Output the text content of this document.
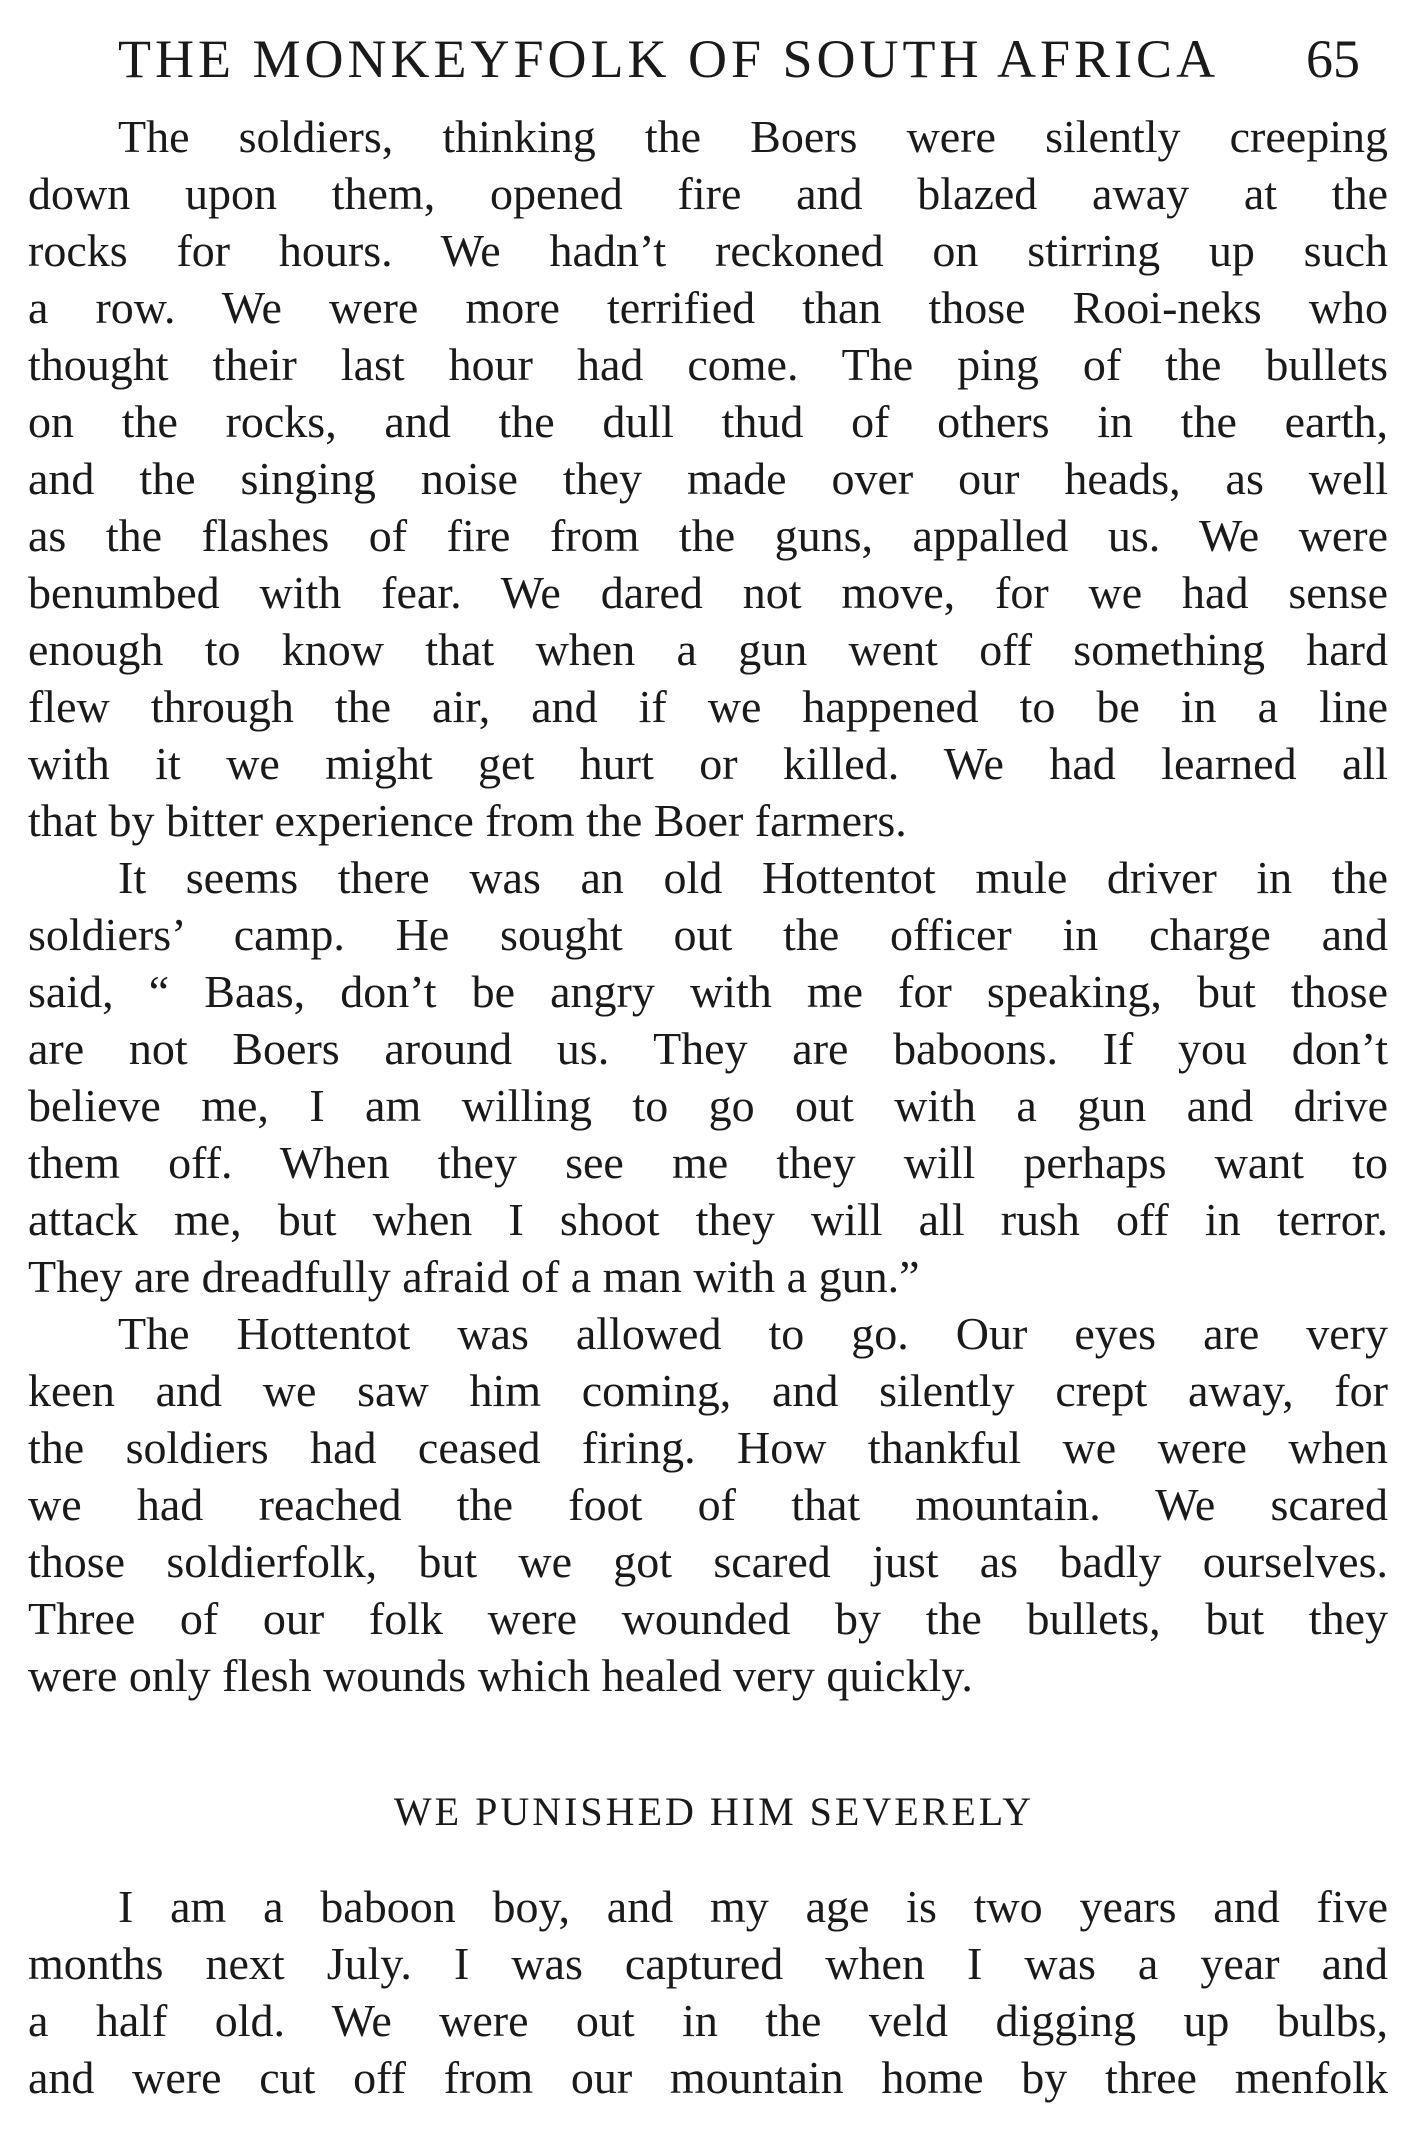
THE MONKEYFOLK OF SOUTH AFRICA 65
The soldiers, thinking the Boers were silently creeping
down upon them, opened fire and blazed away at the
rocks for hours. We hadn’t reckoned on stirring up such
a row. We were more terrified than those Rooi-neks who
thought their last hour had come. The ping of the bullets
on the rocks, and the dull thud of others in the earth,
and the singing noise they made over our heads, as well
as the flashes of fire from the guns, appalled us. We were
benumbed with fear. We dared not move, for we had sense
enough to know that when a gun went off something hard
flew through the air, and if we happened to be in a line
with it we might get hurt or killed. We had learned all
that by bitter experience from the Boer farmers.
It seems there was an old Hottentot mule driver in the
soldiers’ camp. He sought out the officer in charge and
said, “ Baas, don’t be angry with me for speaking, but those
are not Boers around us. They are baboons. If you don’t
believe me, I am willing to go out with a gun and drive
them off. When they see me they will perhaps want to
attack me, but when I shoot they will all rush off in terror.
They are dreadfully afraid of a man with a gun.”
The Hottentot was allowed to go. Our eyes are very
keen and we saw him coming, and silently crept away, for
the soldiers had ceased firing. How thankful we were when
we had reached the foot of that mountain. We scared
those soldierfolk, but we got scared just as badly ourselves.
Three of our folk were wounded by the bullets, but they
were only flesh wounds which healed very quickly.
WE PUNISHED HIM SEVERELY
I am a baboon boy, and my age is two years and five
months next July. I was captured when I was a year and
a half old. We were out in the veld digging up bulbs,
and were cut off from our mountain home by three menfolk
